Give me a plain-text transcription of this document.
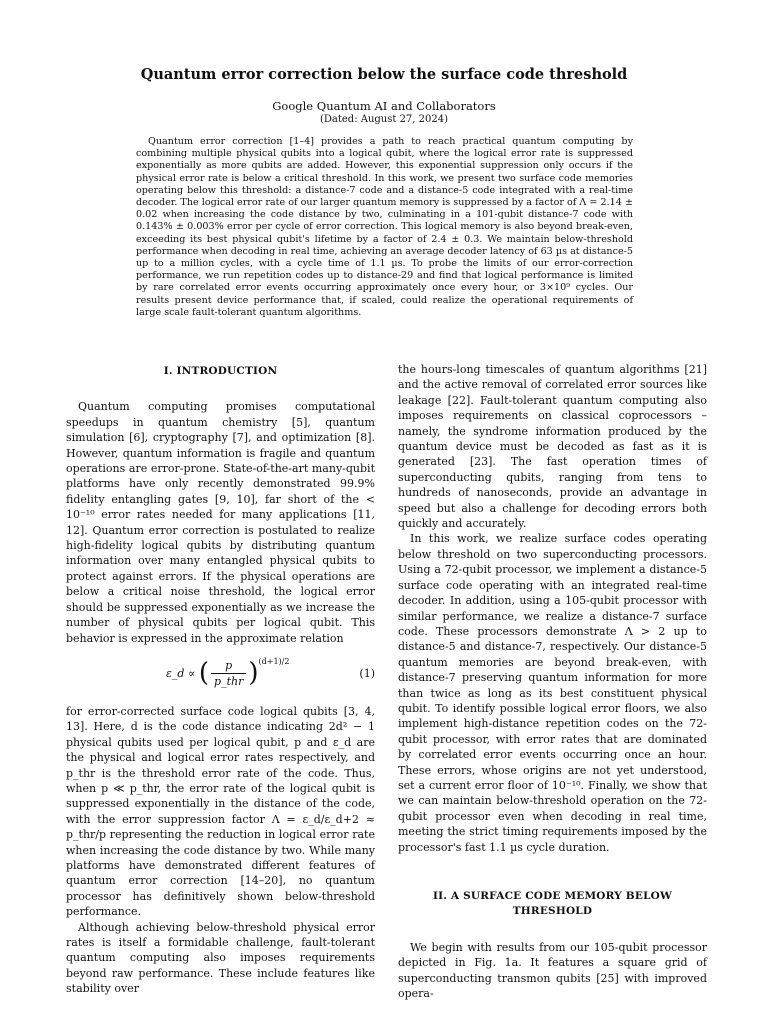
Quantum error correction below the surface code threshold
Google Quantum AI and Collaborators
(Dated: August 27, 2024)
Quantum error correction [1–4] provides a path to reach practical quantum computing by combining multiple physical qubits into a logical qubit, where the logical error rate is suppressed exponentially as more qubits are added. However, this exponential suppression only occurs if the physical error rate is below a critical threshold. In this work, we present two surface code memories operating below this threshold: a distance-7 code and a distance-5 code integrated with a real-time decoder. The logical error rate of our larger quantum memory is suppressed by a factor of Λ = 2.14 ± 0.02 when increasing the code distance by two, culminating in a 101-qubit distance-7 code with 0.143% ± 0.003% error per cycle of error correction. This logical memory is also beyond break-even, exceeding its best physical qubit's lifetime by a factor of 2.4 ± 0.3. We maintain below-threshold performance when decoding in real time, achieving an average decoder latency of 63 µs at distance-5 up to a million cycles, with a cycle time of 1.1 µs. To probe the limits of our error-correction performance, we run repetition codes up to distance-29 and find that logical performance is limited by rare correlated error events occurring approximately once every hour, or 3×10⁹ cycles. Our results present device performance that, if scaled, could realize the operational requirements of large scale fault-tolerant quantum algorithms.
I. INTRODUCTION

Quantum computing promises computational speedups in quantum chemistry [5], quantum simulation [6], cryptography [7], and optimization [8]. However, quantum information is fragile and quantum operations are error-prone. State-of-the-art many-qubit platforms have only recently demonstrated 99.9% fidelity entangling gates [9, 10], far short of the < 10⁻¹⁰ error rates needed for many applications [11, 12]. Quantum error correction is postulated to realize high-fidelity logical qubits by distributing quantum information over many entangled physical qubits to protect against errors. If the physical operations are below a critical noise threshold, the logical error should be suppressed exponentially as we increase the number of physical qubits per logical qubit. This behavior is expressed in the approximate relation

ε_d ∝ ( $\frac{p}{\text{p\_thr}} )^{(d+1)/2}$
(1)

for error-corrected surface code logical qubits [3, 4, 13]. Here, d is the code distance indicating 2d² − 1 physical qubits used per logical qubit, p and ε_d are the physical and logical error rates respectively, and p_thr is the threshold error rate of the code. Thus, when p ≪ p_thr, the error rate of the logical qubit is suppressed exponentially in the distance of the code, with the error suppression factor Λ = ε_d/ε_d+2 ≈ p_thr/p representing the reduction in logical error rate when increasing the code distance by two. While many platforms have demonstrated different features of quantum error correction [14–20], no quantum processor has definitively shown below-threshold performance.

Although achieving below-threshold physical error rates is itself a formidable challenge, fault-tolerant quantum computing also imposes requirements beyond raw performance. These include features like stability over

the hours-long timescales of quantum algorithms [21] and the active removal of correlated error sources like leakage [22]. Fault-tolerant quantum computing also imposes requirements on classical coprocessors – namely, the syndrome information produced by the quantum device must be decoded as fast as it is generated [23]. The fast operation times of superconducting qubits, ranging from tens to hundreds of nanoseconds, provide an advantage in speed but also a challenge for decoding errors both quickly and accurately.

In this work, we realize surface codes operating below threshold on two superconducting processors. Using a 72-qubit processor, we implement a distance-5 surface code operating with an integrated real-time decoder. In addition, using a 105-qubit processor with similar performance, we realize a distance-7 surface code. These processors demonstrate Λ > 2 up to distance-5 and distance-7, respectively. Our distance-5 quantum memories are beyond break-even, with distance-7 preserving quantum information for more than twice as long as its best constituent physical qubit. To identify possible logical error floors, we also implement high-distance repetition codes on the 72-qubit processor, with error rates that are dominated by correlated error events occurring once an hour. These errors, whose origins are not yet understood, set a current error floor of 10⁻¹⁰. Finally, we show that we can maintain below-threshold operation on the 72-qubit processor even when decoding in real time, meeting the strict timing requirements imposed by the processor's fast 1.1 µs cycle duration.

II. A SURFACE CODE MEMORY BELOW THRESHOLD

We begin with results from our 105-qubit processor depicted in Fig. 1a. It features a square grid of superconducting transmon qubits [25] with improved opera-
